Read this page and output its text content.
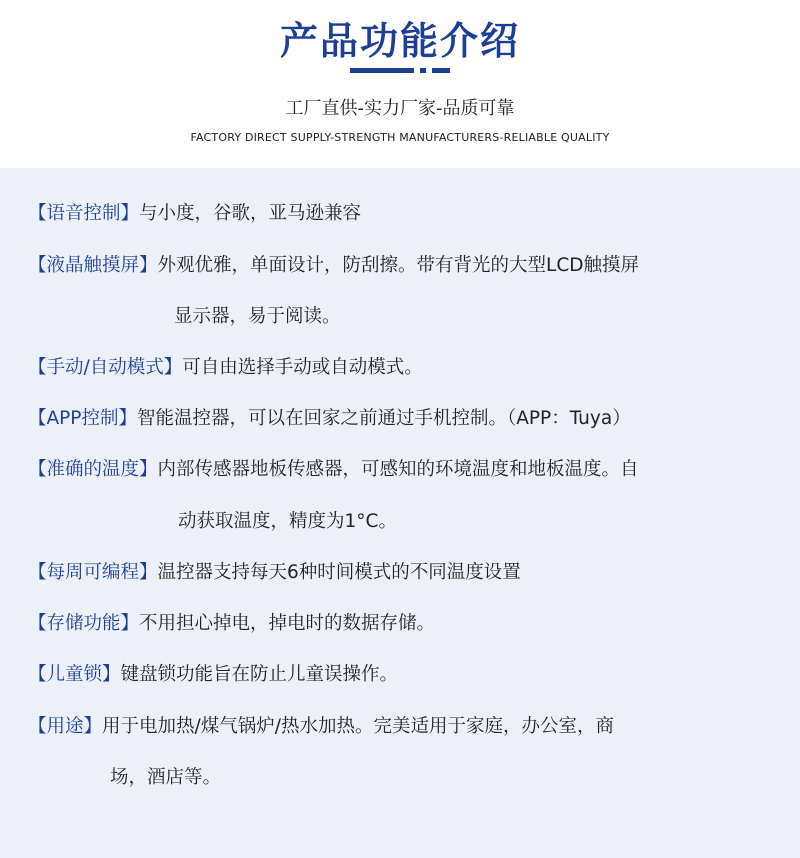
产品功能介绍
工厂直供-实力厂家-品质可靠
FACTORY DIRECT SUPPLY-STRENGTH MANUFACTURERS-RELIABLE QUALITY
【语音控制】与小度，谷歌，亚马逊兼容
【液晶触摸屏】外观优雅，单面设计，防刮擦。带有背光的大型LCD触摸屏
显示器，易于阅读。
【手动/自动模式】可自由选择手动或自动模式。
【APP控制】智能温控器，可以在回家之前通过手机控制。（APP：Tuya）
【准确的温度】内部传感器地板传感器，可感知的环境温度和地板温度。自
动获取温度，精度为1°C。
【每周可编程】温控器支持每天6种时间模式的不同温度设置
【存储功能】不用担心掉电，掉电时的数据存储。
【儿童锁】键盘锁功能旨在防止儿童误操作。
【用途】用于电加热/煤气锅炉/热水加热。完美适用于家庭，办公室，商
场，酒店等。
